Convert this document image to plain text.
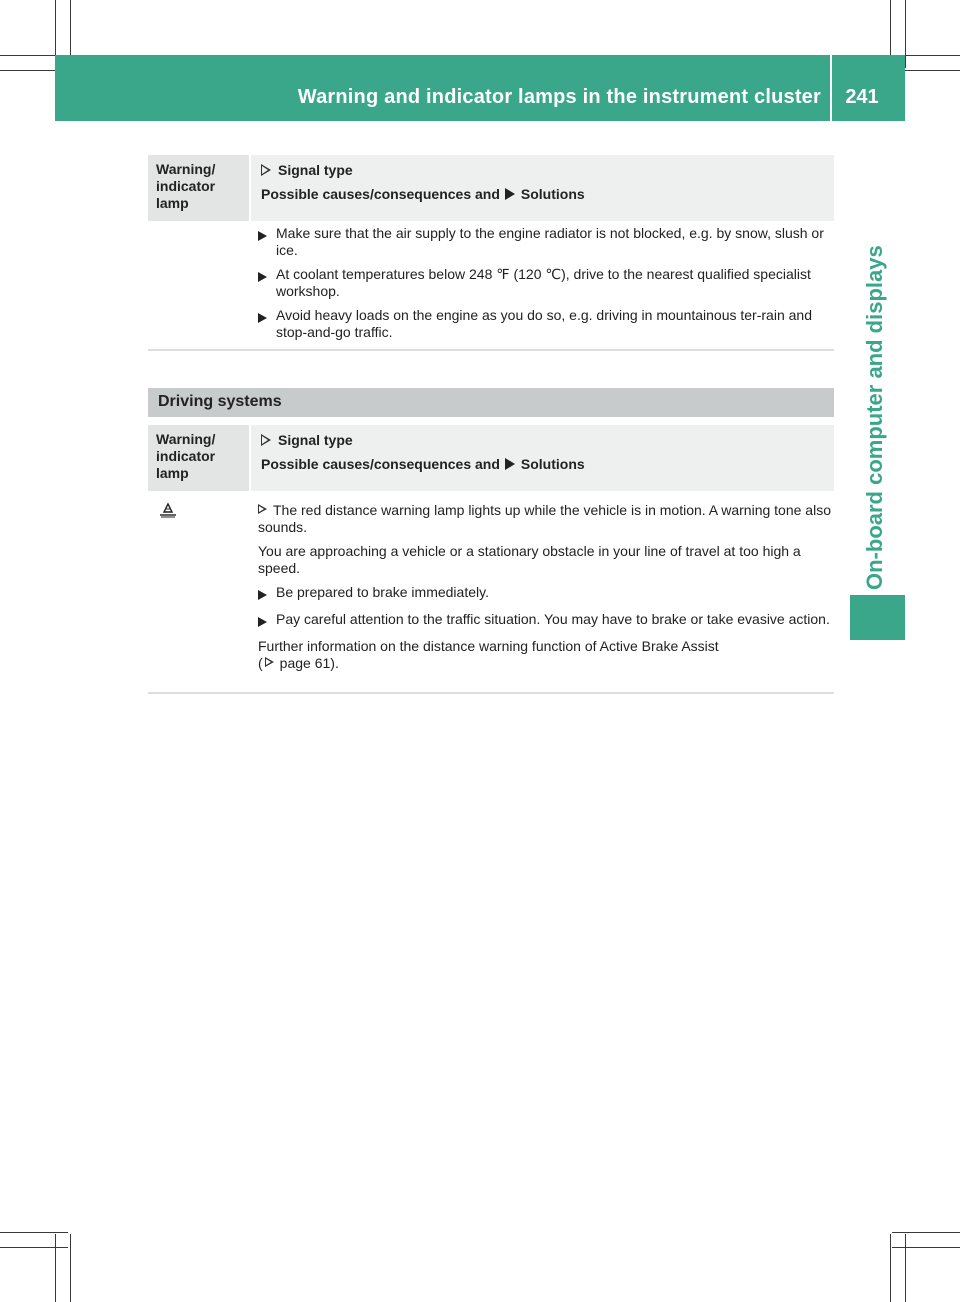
Warning and indicator lamps in the instrument cluster	241
On-board computer and displays
Warning/
indicator
lamp
Signal type
Possible causes/consequences and Solutions
Make sure that the air supply to the engine radiator is not blocked, e.g. by snow, slush or ice.
At coolant temperatures below 248 ℉ (120 ℃), drive to the nearest qualified specialist workshop.
Avoid heavy loads on the engine as you do so, e.g. driving in mountainous ter-rain and stop-and-go traffic.
Driving systems
Warning/
indicator
lamp
Signal type
Possible causes/consequences and Solutions
The red distance warning lamp lights up while the vehicle is in motion. A warning tone also sounds.
You are approaching a vehicle or a stationary obstacle in your line of travel at too high a speed.
Be prepared to brake immediately.
Pay careful attention to the traffic situation. You may have to brake or take evasive action.
Further information on the distance warning function of Active Brake Assist
( page 61).
